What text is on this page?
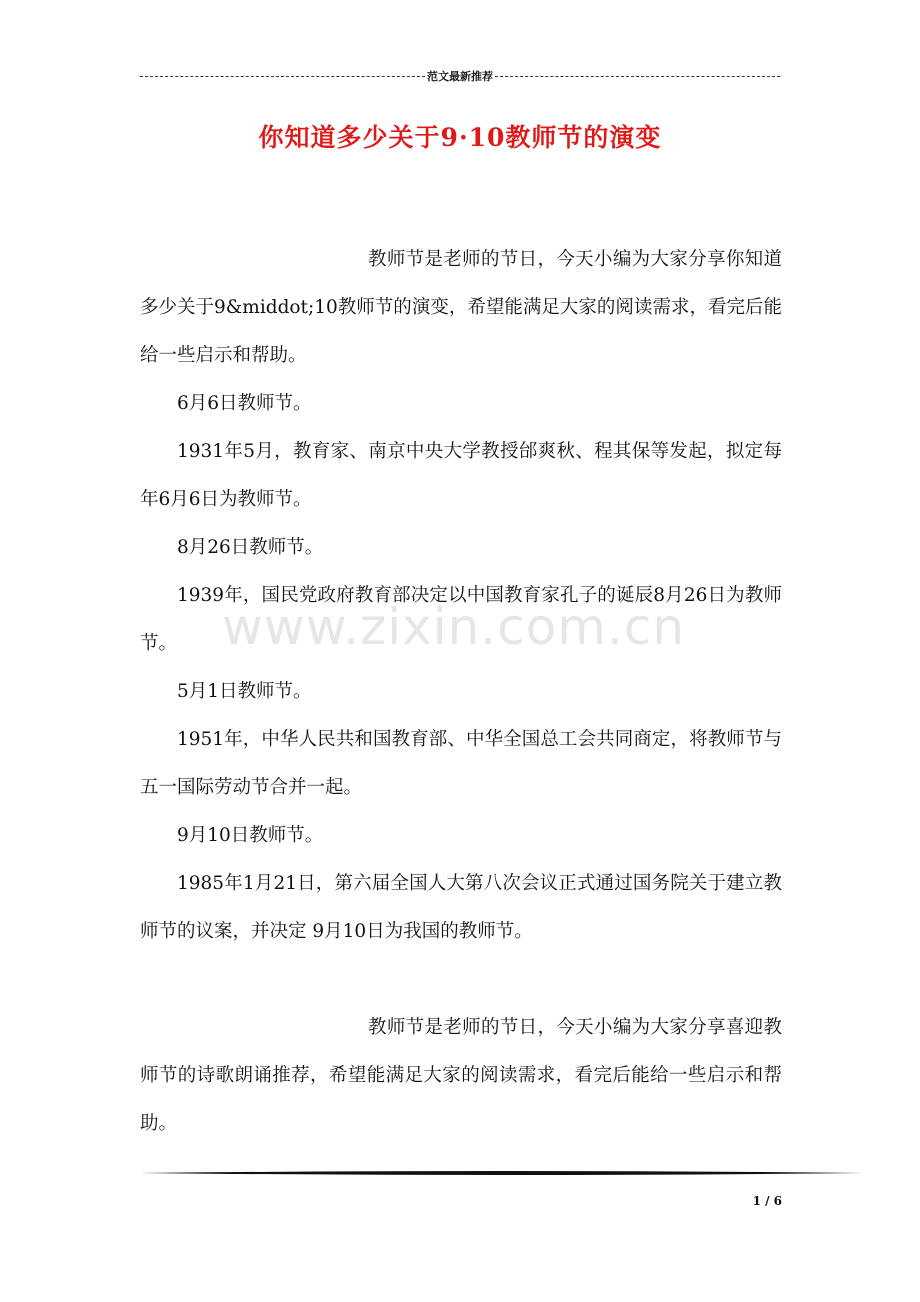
范文最新推荐
你知道多少关于9·10教师节的演变
www.zixin.com.cn

教师节是老师的节日，今天小编为大家分享你知道多少关于9&middot;10教师节的演变，希望能满足大家的阅读需求，看完后能给一些启示和帮助。

6月6日教师节。

1931年5月，教育家、南京中央大学教授邰爽秋、程其保等发起，拟定每年6月6日为教师节。

8月26日教师节。

1939年，国民党政府教育部决定以中国教育家孔子的诞辰8月26日为教师节。

5月1日教师节。

1951年，中华人民共和国教育部、中华全国总工会共同商定，将教师节与五一国际劳动节合并一起。

9月10日教师节。

1985年1月21日，第六届全国人大第八次会议正式通过国务院关于建立教师节的议案，并决定 9月10日为我国的教师节。

教师节是老师的节日，今天小编为大家分享喜迎教师节的诗歌朗诵推荐，希望能满足大家的阅读需求，看完后能给一些启示和帮助。

1 / 6
